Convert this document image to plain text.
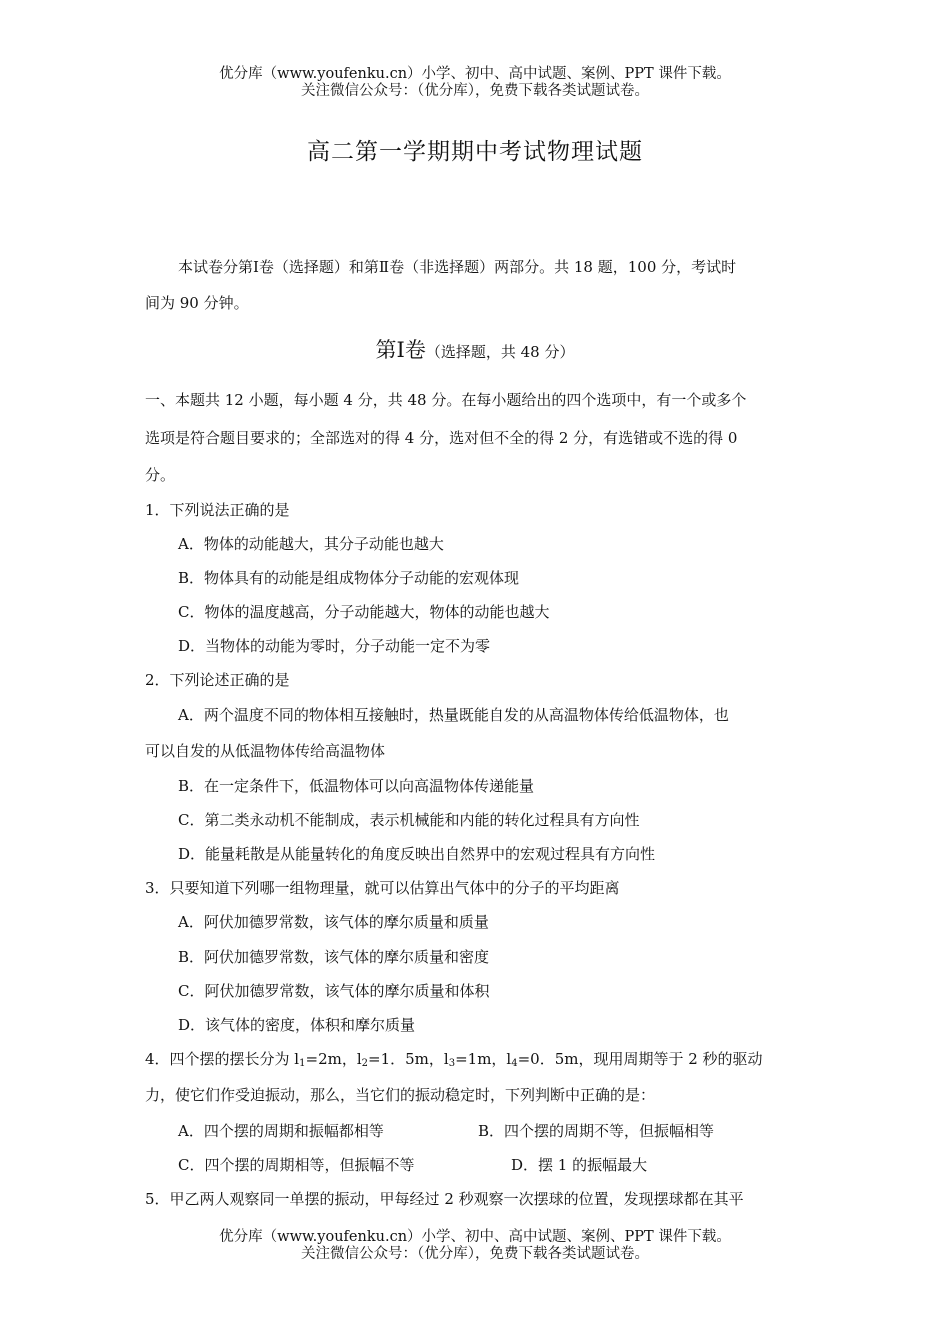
优分库（www.youfenku.cn）小学、初中、高中试题、案例、PPT 课件下载。
关注微信公众号：（优分库），免费下载各类试题试卷。
高二第一学期期中考试物理试题
本试卷分第Ⅰ卷（选择题）和第Ⅱ卷（非选择题）两部分。共 18 题，100 分，考试时
间为 90 分钟。
第Ⅰ卷（选择题，共 48 分）
一、本题共 12 小题，每小题 4 分，共 48 分。在每小题给出的四个选项中，有一个或多个
选项是符合题目要求的；全部选对的得 4 分，选对但不全的得 2 分，有选错或不选的得 0
分。
1．下列说法正确的是
A．物体的动能越大，其分子动能也越大
B．物体具有的动能是组成物体分子动能的宏观体现
C．物体的温度越高，分子动能越大，物体的动能也越大
D．当物体的动能为零时，分子动能一定不为零
2．下列论述正确的是
A．两个温度不同的物体相互接触时，热量既能自发的从高温物体传给低温物体，也
可以自发的从低温物体传给高温物体
B．在一定条件下，低温物体可以向高温物体传递能量
C．第二类永动机不能制成，表示机械能和内能的转化过程具有方向性
D．能量耗散是从能量转化的角度反映出自然界中的宏观过程具有方向性
3．只要知道下列哪一组物理量，就可以估算出气体中的分子的平均距离
A．阿伏加德罗常数，该气体的摩尔质量和质量
B．阿伏加德罗常数，该气体的摩尔质量和密度
C．阿伏加德罗常数，该气体的摩尔质量和体积
D．该气体的密度，体积和摩尔质量
4．四个摆的摆长分为 $l_1=2m$，$l_2=1$．5m，$l_3=1m$，$l_4=0$．5m，现用周期等于 2 秒的驱动
力，使它们作受迫振动，那么，当它们的振动稳定时，下列判断中正确的是：
A．四个摆的周期和振幅都相等	B．四个摆的周期不等，但振幅相等
C．四个摆的周期相等，但振幅不等	D．摆 1 的振幅最大
5．甲乙两人观察同一单摆的振动，甲每经过 2 秒观察一次摆球的位置，发现摆球都在其平
优分库（www.youfenku.cn）小学、初中、高中试题、案例、PPT 课件下载。
关注微信公众号：（优分库），免费下载各类试题试卷。
